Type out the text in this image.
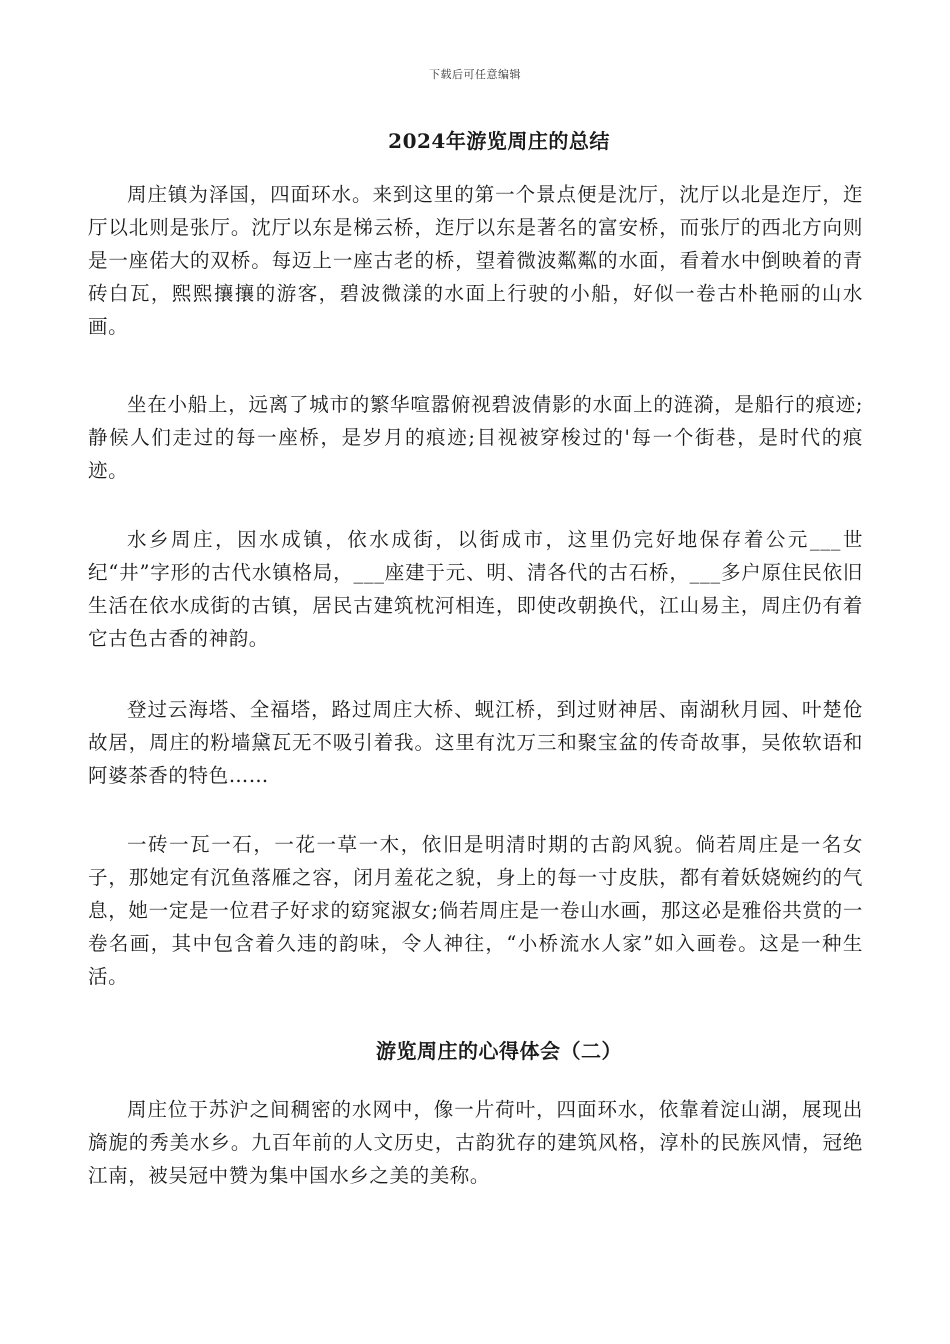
下载后可任意编辑
2024年游览周庄的总结

周庄镇为泽国，四面环水。来到这里的第一个景点便是沈厅，沈厅以北是迮厅，迮厅以北则是张厅。沈厅以东是梯云桥，迮厅以东是著名的富安桥，而张厅的西北方向则是一座偌大的双桥。每迈上一座古老的桥，望着微波粼粼的水面，看着水中倒映着的青砖白瓦，熙熙攘攘的游客，碧波微漾的水面上行驶的小船，好似一卷古朴艳丽的山水画。

坐在小船上，远离了城市的繁华喧嚣俯视碧波倩影的水面上的涟漪，是船行的痕迹;静候人们走过的每一座桥，是岁月的痕迹;目视被穿梭过的'每一个街巷，是时代的痕迹。

水乡周庄，因水成镇，依水成街，以街成市，这里仍完好地保存着公元___世纪“井”字形的古代水镇格局，___座建于元、明、清各代的古石桥，___多户原住民依旧生活在依水成街的古镇，居民古建筑枕河相连，即使改朝换代，江山易主，周庄仍有着它古色古香的神韵。

登过云海塔、全福塔，路过周庄大桥、蚬江桥，到过财神居、南湖秋月园、叶楚伧故居，周庄的粉墙黛瓦无不吸引着我。这里有沈万三和聚宝盆的传奇故事，吴侬软语和阿婆茶香的特色……

一砖一瓦一石，一花一草一木，依旧是明清时期的古韵风貌。倘若周庄是一名女子，那她定有沉鱼落雁之容，闭月羞花之貌，身上的每一寸皮肤，都有着妖娆婉约的气息，她一定是一位君子好求的窈窕淑女;倘若周庄是一卷山水画，那这必是雅俗共赏的一卷名画，其中包含着久违的韵味，令人神往，“小桥流水人家”如入画卷。这是一种生活。

游览周庄的心得体会（二）

周庄位于苏沪之间稠密的水网中，像一片荷叶，四面环水，依靠着淀山湖，展现出旖旎的秀美水乡。九百年前的人文历史，古韵犹存的建筑风格，淳朴的民族风情，冠绝江南，被吴冠中赞为集中国水乡之美的美称。
